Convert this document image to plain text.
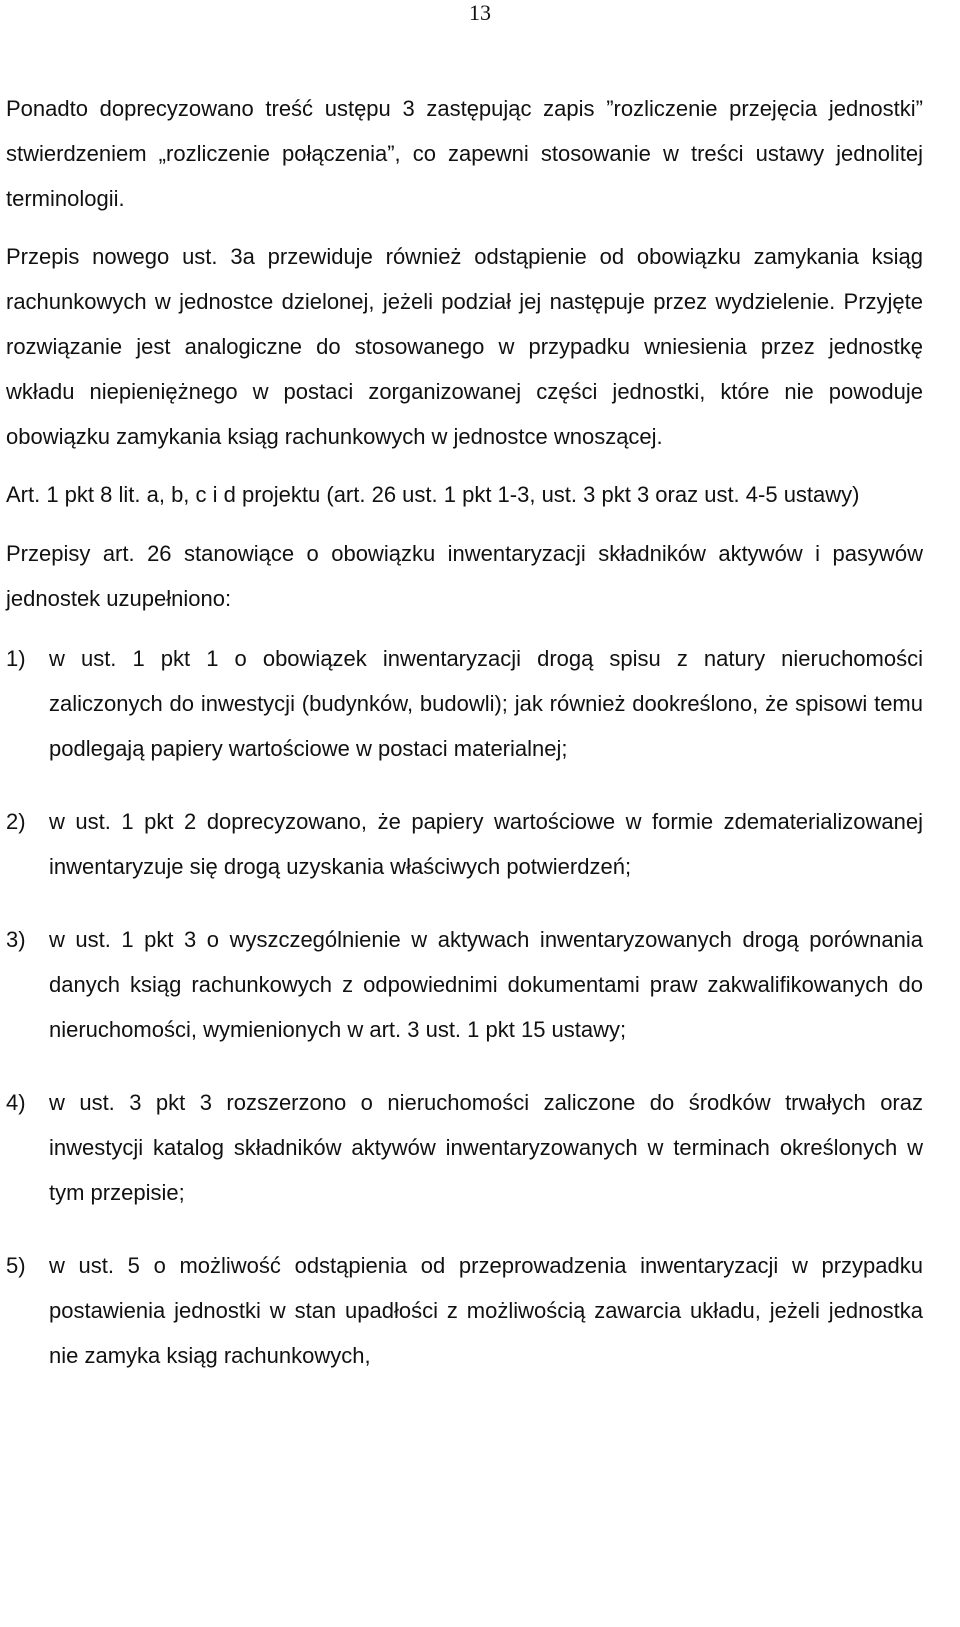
13

Ponadto doprecyzowano treść ustępu 3 zastępując zapis ”rozliczenie przejęcia jednostki” stwierdzeniem „rozliczenie połączenia”, co zapewni stosowanie w treści ustawy jednolitej terminologii.

Przepis nowego ust. 3a przewiduje również odstąpienie od obowiązku zamykania ksiąg rachunkowych w jednostce dzielonej, jeżeli podział jej następuje przez wydzielenie. Przyjęte rozwiązanie jest analogiczne do stosowanego w przypadku wniesienia przez jednostkę wkładu niepieniężnego w postaci zorganizowanej części jednostki, które nie powoduje obowiązku zamykania ksiąg rachunkowych w jednostce wnoszącej.

Art. 1 pkt 8 lit. a, b, c i d projektu (art. 26 ust. 1 pkt 1-3, ust. 3 pkt 3 oraz ust. 4-5 ustawy)

Przepisy art. 26 stanowiące o obowiązku inwentaryzacji składników aktywów i pasywów jednostek uzupełniono:

1) w ust. 1 pkt 1 o obowiązek inwentaryzacji drogą spisu z natury nieruchomości zaliczonych do inwestycji (budynków, budowli); jak również dookreślono, że spisowi temu podlegają papiery wartościowe w postaci materialnej;
2) w ust. 1 pkt 2 doprecyzowano, że papiery wartościowe w formie zdematerializowanej inwentaryzuje się drogą uzyskania właściwych potwierdzeń;
3) w ust. 1 pkt 3 o wyszczególnienie w aktywach inwentaryzowanych drogą porównania danych ksiąg rachunkowych z odpowiednimi dokumentami praw zakwalifikowanych do nieruchomości, wymienionych w art. 3 ust. 1 pkt 15 ustawy;
4) w ust. 3 pkt 3 rozszerzono o nieruchomości zaliczone do środków trwałych oraz inwestycji katalog składników aktywów inwentaryzowanych w terminach określonych w tym przepisie;
5) w ust. 5 o możliwość odstąpienia od przeprowadzenia inwentaryzacji w przypadku postawienia jednostki w stan upadłości z możliwością zawarcia układu, jeżeli jednostka nie zamyka ksiąg rachunkowych,
